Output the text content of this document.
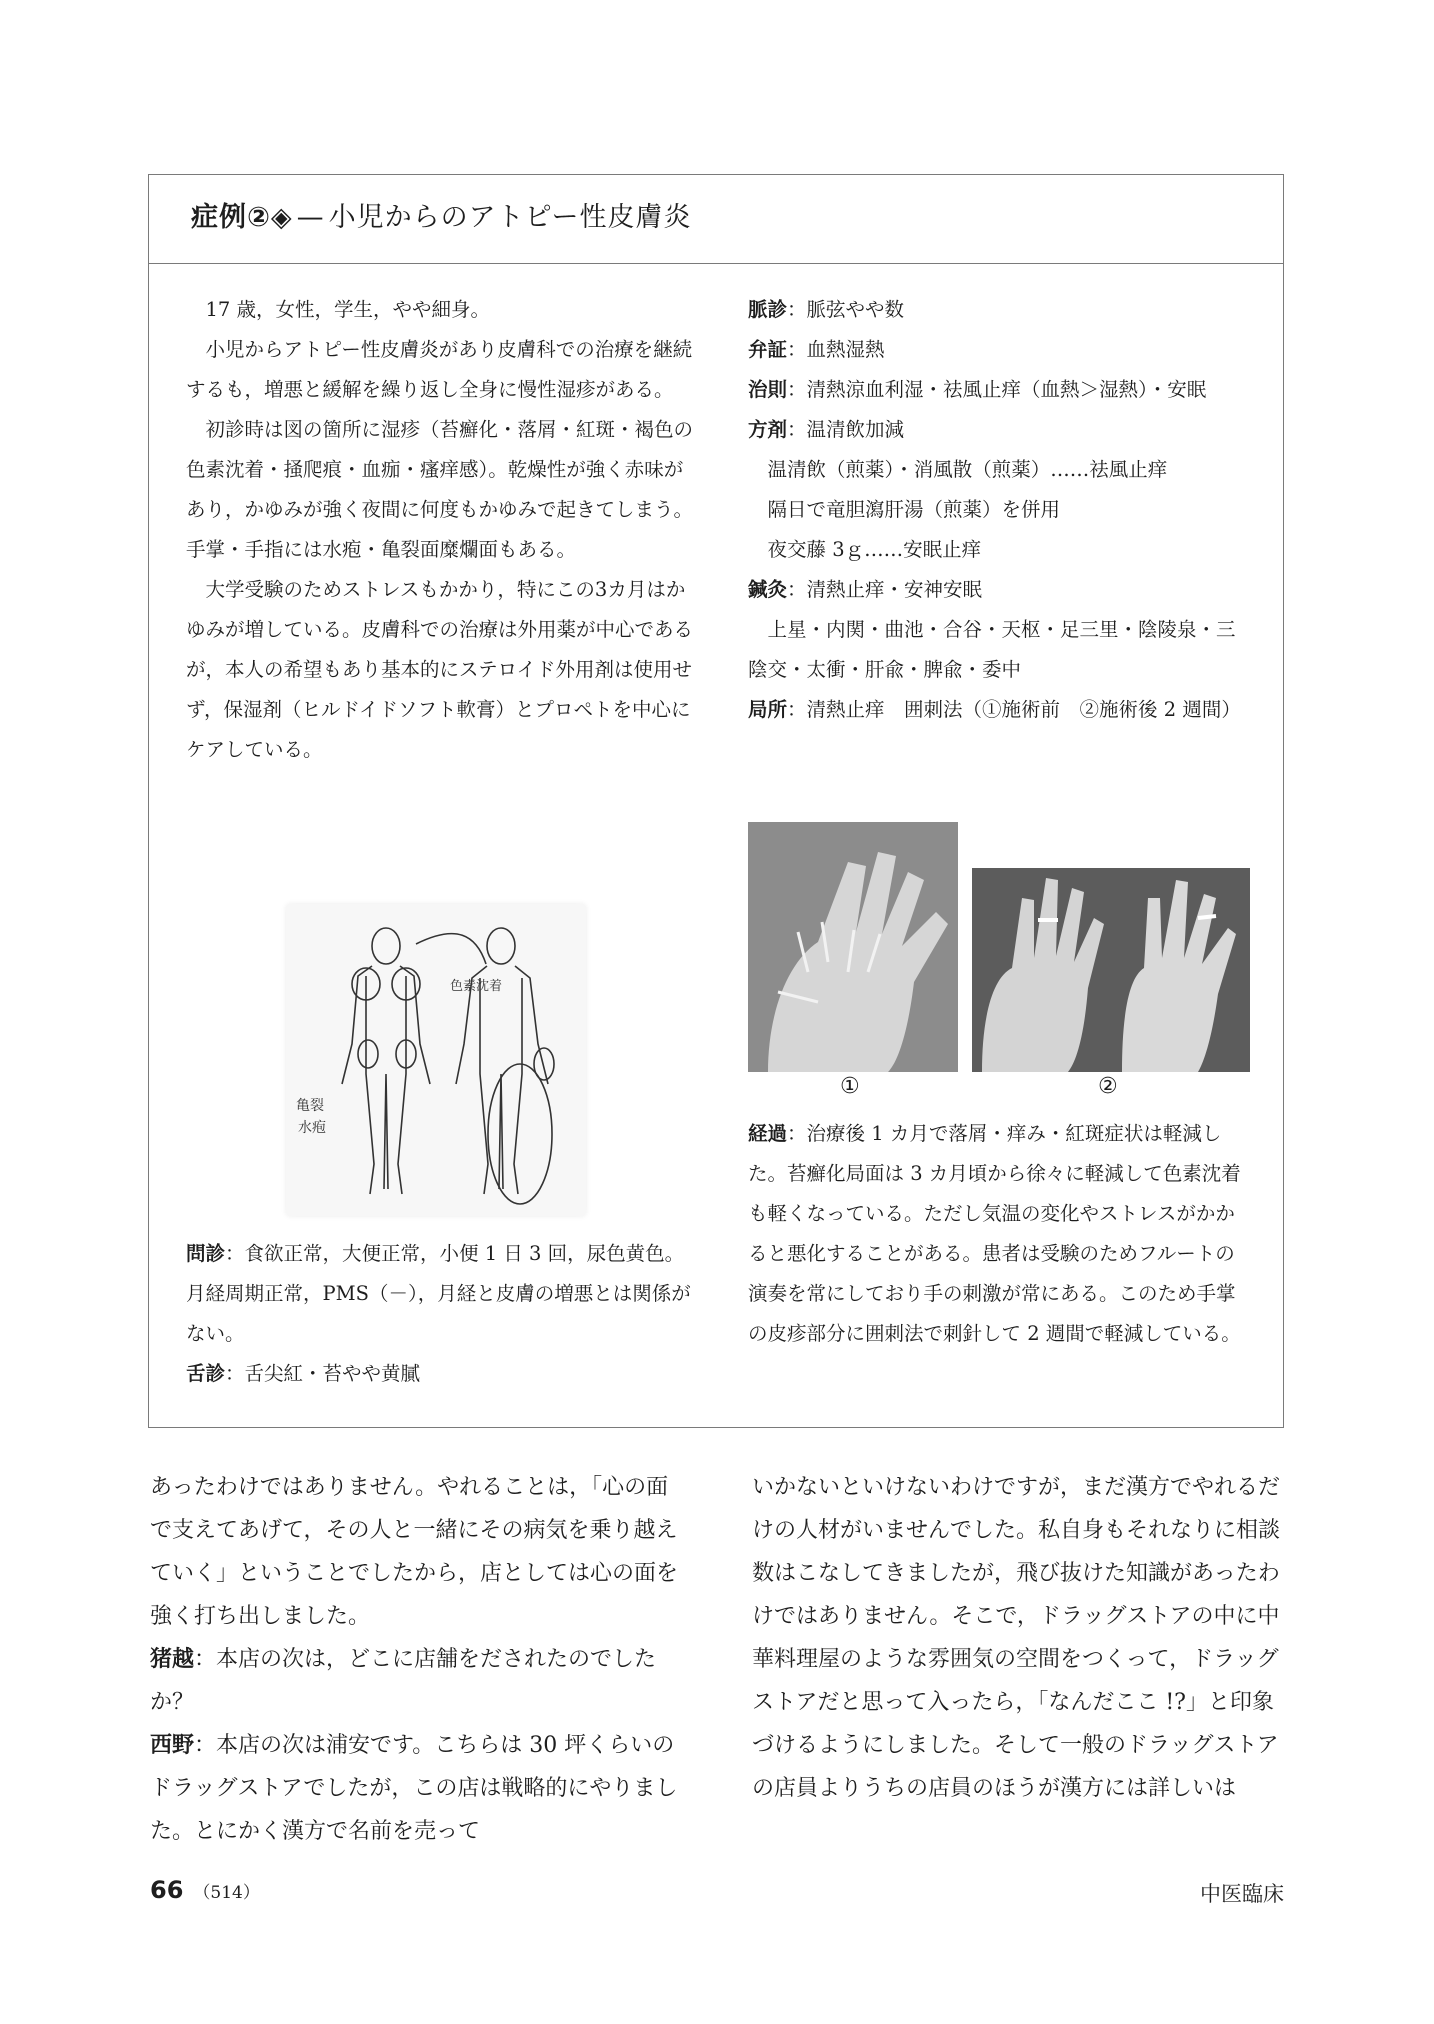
症例②◈ — 小児からのアトピー性皮膚炎

17 歳，女性，学生，やや細身。

小児からアトピー性皮膚炎があり皮膚科での治療を継続するも，増悪と緩解を繰り返し全身に慢性湿疹がある。

初診時は図の箇所に湿疹（苔癬化・落屑・紅斑・褐色の色素沈着・掻爬痕・血痂・瘙痒感）。乾燥性が強く赤味があり，かゆみが強く夜間に何度もかゆみで起きてしまう。手掌・手指には水疱・亀裂面糜爛面もある。

大学受験のためストレスもかかり，特にこの3カ月はかゆみが増している。皮膚科での治療は外用薬が中心であるが，本人の希望もあり基本的にステロイド外用剤は使用せず，保湿剤（ヒルドイドソフト軟膏）とプロペトを中心にケアしている。

色素沈着
亀裂
水疱

問診：食欲正常，大便正常，小便 1 日 3 回，尿色黄色。月経周期正常，PMS（－），月経と皮膚の増悪とは関係がない。

舌診：舌尖紅・苔やや黄膩

脈診：脈弦やや数

弁証：血熱湿熱

治則：清熱涼血利湿・祛風止痒（血熱＞湿熱）・安眠

方剤：温清飲加減

温清飲（煎薬）・消風散（煎薬）……祛風止痒

隔日で竜胆瀉肝湯（煎薬）を併用

夜交藤 3ｇ……安眠止痒

鍼灸：清熱止痒・安神安眠

上星・内関・曲池・合谷・天枢・足三里・陰陵泉・三陰交・太衝・肝兪・脾兪・委中

局所：清熱止痒　囲刺法（①施術前　②施術後 2 週間）

①	②

経過：治療後 1 カ月で落屑・痒み・紅斑症状は軽減した。苔癬化局面は 3 カ月頃から徐々に軽減して色素沈着も軽くなっている。ただし気温の変化やストレスがかかると悪化することがある。患者は受験のためフルートの演奏を常にしており手の刺激が常にある。このため手掌の皮疹部分に囲刺法で刺針して 2 週間で軽減している。

あったわけではありません。やれることは，「心の面で支えてあげて，その人と一緒にその病気を乗り越えていく」ということでしたから，店としては心の面を強く打ち出しました。

猪越：本店の次は，どこに店舗をだされたのでしたか？

西野：本店の次は浦安です。こちらは 30 坪くらいのドラッグストアでしたが，この店は戦略的にやりました。とにかく漢方で名前を売って

いかないといけないわけですが，まだ漢方でやれるだけの人材がいませんでした。私自身もそれなりに相談数はこなしてきましたが，飛び抜けた知識があったわけではありません。そこで，ドラッグストアの中に中華料理屋のような雰囲気の空間をつくって，ドラッグストアだと思って入ったら，「なんだここ !?」と印象づけるようにしました。そして一般のドラッグストアの店員よりうちの店員のほうが漢方には詳しいは

66 （514）	中医臨床
